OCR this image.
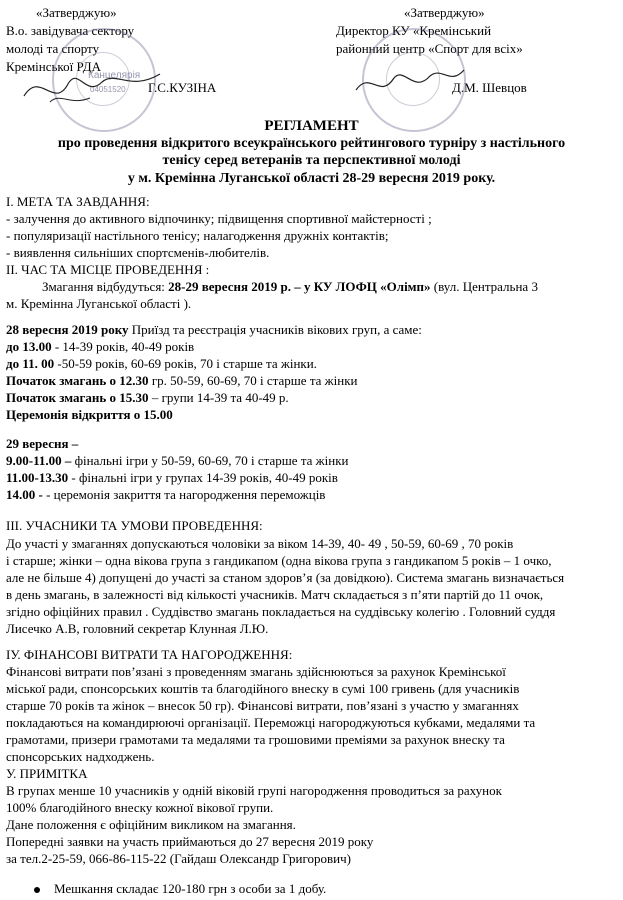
«Затверджую»
В.о. завідувача сектору
молоді та спорту
Кремінської РДА
Г.С.КУЗІНА
Канцелярія
04051520
«Затверджую»
Директор КУ «Кремінський
районний центр «Спорт для всіх»
Д.М. Шевцов
РЕГЛАМЕНТ
про проведення відкритого всеукраїнського рейтингового турніру з настільного
тенісу серед ветеранів та перспективної молоді
у м. Кремінна Луганської області 28-29 вересня 2019 року.
І. МЕТА ТА ЗАВДАННЯ:
- залучення до активного відпочинку; підвищення спортивної майстерності ;
- популяризації настільного тенісу; налагодження дружніх контактів;
- виявлення сильніших спортсменів-любителів.
ІІ. ЧАС ТА МІСЦЕ ПРОВЕДЕННЯ :
Змагання відбудуться: 28-29 вересня 2019 р. – у КУ ЛОФЦ «Олімп» (вул. Центральна 3
м. Кремінна Луганської області ).
28 вересня 2019 року Приїзд та реєстрація учасників вікових груп, а саме:
до 13.00 - 14-39 років, 40-49 років
до 11. 00 -50-59 років, 60-69 років, 70 і старше та жінки.
Початок змагань о 12.30 гр. 50-59, 60-69, 70 і старше та жінки
Початок змагань о 15.30 – групи 14-39 та 40-49 р.
Церемонія відкриття о 15.00
29 вересня –
9.00-11.00 – фінальні ігри у 50-59, 60-69, 70 і старше та жінки
11.00-13.30 - фінальні ігри у групах 14-39 років, 40-49 років
14.00 - - церемонія закриття та нагородження переможців
ІІІ. УЧАСНИКИ ТА УМОВИ ПРОВЕДЕННЯ:
До участі у змаганнях допускаються чоловіки за віком 14-39, 40- 49 , 50-59, 60-69 , 70 років
і старше; жінки – одна вікова група з гандикапом (одна вікова група з гандикапом 5 років – 1 очко,
але не більше 4) допущені до участі за станом здоров’я (за довідкою). Система змагань визначається
в день змагань, в залежності від кількості учасників. Матч складається з п’яти партій до 11 очок,
згідно офіційних правил . Суддівство змагань покладається на суддівську колегію . Головний суддя
Лисечко А.В, головний секретар Клунная Л.Ю.
ІУ. ФІНАНСОВІ ВИТРАТИ ТА НАГОРОДЖЕННЯ:
Фінансові витрати пов’язані з проведенням змагань здійснюються за рахунок Кремінської
міської ради, спонсорських коштів та благодійного внеску в сумі 100 гривень (для учасників
старше 70 років та жінок – внесок 50 гр). Фінансові витрати, пов’язані з участю у змаганнях
покладаються на командирюючі організації. Переможці нагороджуються кубками, медалями та
грамотами, призери грамотами та медалями та грошовими преміями за рахунок внеску та
спонсорських надходжень.
У. ПРИМІТКА
В групах менше 10 учасників у одній віковій групі нагородження проводиться за рахунок
100% благодійного внеску кожної вікової групи.
Дане положення є офіційним викликом на змагання.
Попередні заявки на участь приймаються до 27 вересня 2019 року
за тел.2-25-59, 066-86-115-22 (Гайдаш Олександр Григорович)
Мешкання складає 120-180 грн з особи за 1 добу.
